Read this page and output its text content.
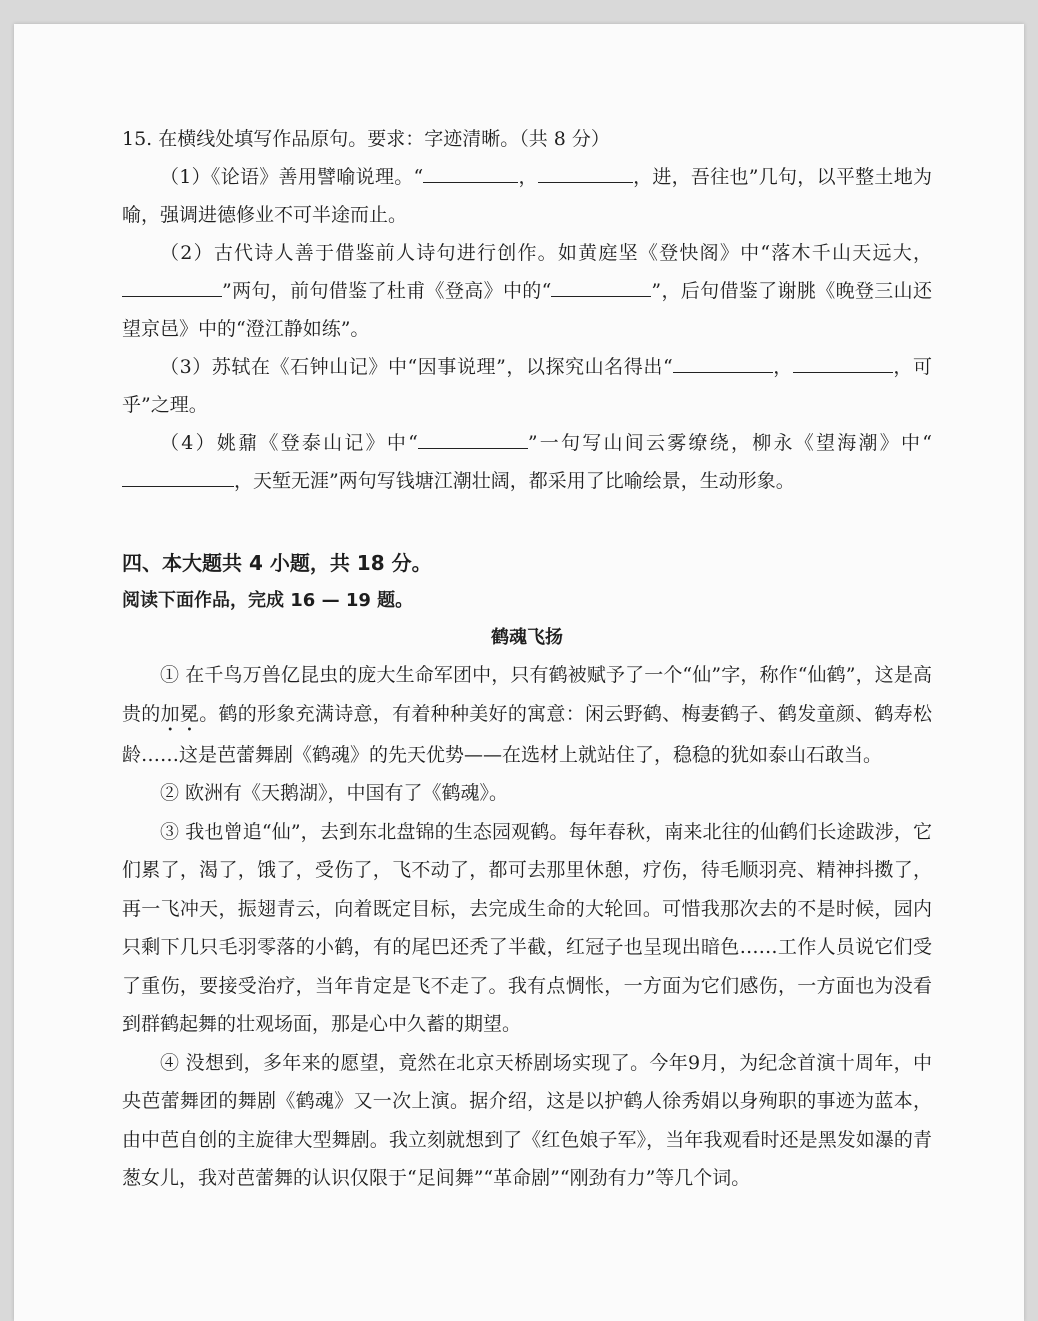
15. 在横线处填写作品原句。要求：字迹清晰。（共 8 分）

（1）《论语》善用譬喻说理。“	，	，进，吾往也”几句，以平整土地为喻，强调进德修业不可半途而止。

（2）古代诗人善于借鉴前人诗句进行创作。如黄庭坚《登快阁》中“落木千山天远大，”两句，前句借鉴了杜甫《登高》中的“	”，后句借鉴了谢朓《晚登三山还望京邑》中的“澄江静如练”。

（3）苏轼在《石钟山记》中“因事说理”，以探究山名得出“	，	，可乎”之理。

（4）姚鼐《登泰山记》中“	”一句写山间云雾缭绕，柳永《望海潮》中“，天堑无涯”两句写钱塘江潮壮阔，都采用了比喻绘景，生动形象。

四、本大题共 4 小题，共 18 分。

阅读下面作品，完成 16 — 19 题。

鹤魂飞扬

① 在千鸟万兽亿昆虫的庞大生命军团中，只有鹤被赋予了一个“仙”字，称作“仙鹤”，这是高贵的加冕。鹤的形象充满诗意，有着种种美好的寓意：闲云野鹤、梅妻鹤子、鹤发童颜、鹤寿松龄……这是芭蕾舞剧《鹤魂》的先天优势——在选材上就站住了，稳稳的犹如泰山石敢当。

② 欧洲有《天鹅湖》，中国有了《鹤魂》。

③ 我也曾追“仙”，去到东北盘锦的生态园观鹤。每年春秋，南来北往的仙鹤们长途跋涉，它们累了，渴了，饿了，受伤了，飞不动了，都可去那里休憩，疗伤，待毛顺羽亮、精神抖擞了，再一飞冲天，振翅青云，向着既定目标，去完成生命的大轮回。可惜我那次去的不是时候，园内只剩下几只毛羽零落的小鹤，有的尾巴还秃了半截，红冠子也呈现出暗色……工作人员说它们受了重伤，要接受治疗，当年肯定是飞不走了。我有点惆怅，一方面为它们感伤，一方面也为没看到群鹤起舞的壮观场面，那是心中久蓄的期望。

④ 没想到，多年来的愿望，竟然在北京天桥剧场实现了。今年9月，为纪念首演十周年，中央芭蕾舞团的舞剧《鹤魂》又一次上演。据介绍，这是以护鹤人徐秀娟以身殉职的事迹为蓝本，由中芭自创的主旋律大型舞剧。我立刻就想到了《红色娘子军》，当年我观看时还是黑发如瀑的青葱女儿，我对芭蕾舞的认识仅限于“足间舞”“革命剧”“刚劲有力”等几个词。
